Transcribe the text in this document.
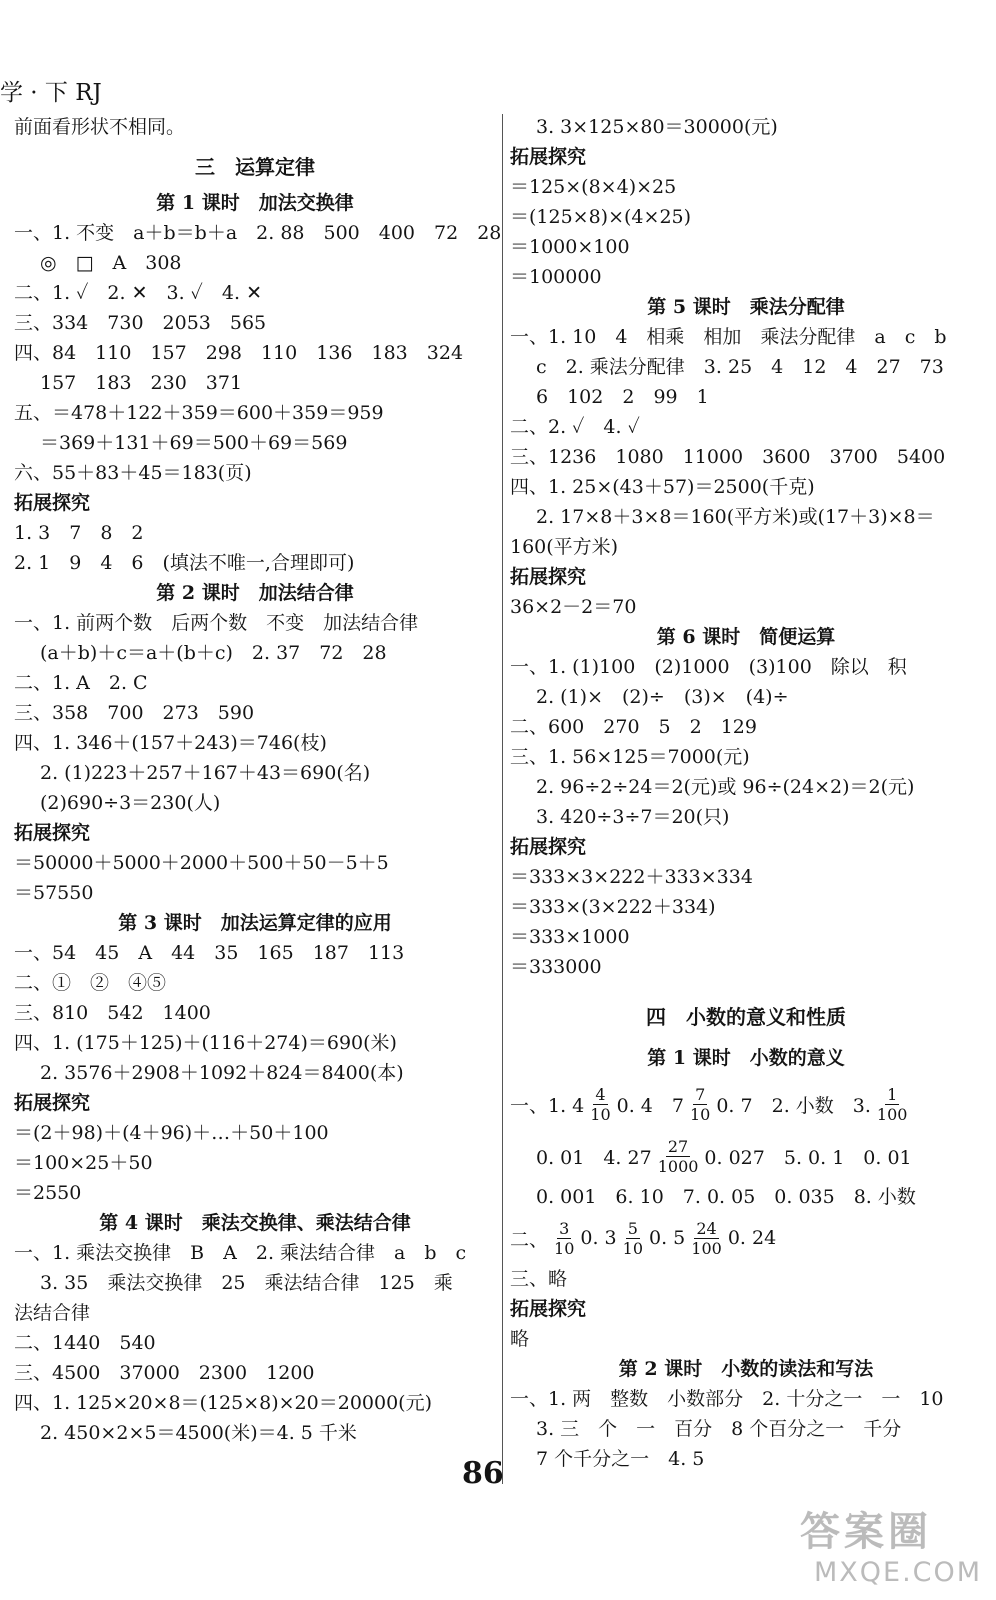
学 · 下 RJ
前面看形状不相同。
三　运算定律
第 1 课时　加法交换律
一、1. 不变　a＋b＝b＋a　2. 88　500　400　72　28
◎　□　A　308
二、1. ✓　2. ✕　3. ✓　4. ✕
三、334　730　2053　565
四、84　110　157　298　110　136　183　324
157　183　230　371
五、＝478＋122＋359＝600＋359＝959
＝369＋131＋69＝500＋69＝569
六、55＋83＋45＝183(页)
拓展探究
1. 3　7　8　2
2. 1　9　4　6　(填法不唯一,合理即可)
第 2 课时　加法结合律
一、1. 前两个数　后两个数　不变　加法结合律
(a＋b)＋c＝a＋(b＋c)　2. 37　72　28
二、1. A　2. C
三、358　700　273　590
四、1. 346＋(157＋243)＝746(枝)
2. (1)223＋257＋167＋43＝690(名)
(2)690÷3＝230(人)
拓展探究
＝50000＋5000＋2000＋500＋50－5＋5
＝57550
第 3 课时　加法运算定律的应用
一、54　45　A　44　35　165　187　113
二、①　②　④⑤
三、810　542　1400
四、1. (175＋125)＋(116＋274)＝690(米)
2. 3576＋2908＋1092＋824＝8400(本)
拓展探究
＝(2＋98)＋(4＋96)＋…＋50＋100
＝100×25＋50
＝2550
第 4 课时　乘法交换律、乘法结合律
一、1. 乘法交换律　B　A　2. 乘法结合律　a　b　c
3. 35　乘法交换律　25　乘法结合律　125　乘
法结合律
二、1440　540
三、4500　37000　2300　1200
四、1. 125×20×8＝(125×8)×20＝20000(元)
2. 450×2×5＝4500(米)＝4. 5 千米
3. 3×125×80＝30000(元)
拓展探究
＝125×(8×4)×25
＝(125×8)×(4×25)
＝1000×100
＝100000
第 5 课时　乘法分配律
一、1. 10　4　相乘　相加　乘法分配律　a　c　b
c　2. 乘法分配律　3. 25　4　12　4　27　73
6　102　2　99　1
二、2. ✓　4. ✓
三、1236　1080　11000　3600　3700　5400
四、1. 25×(43＋57)＝2500(千克)
2. 17×8＋3×8＝160(平方米)或(17＋3)×8＝
160(平方米)
拓展探究
36×2－2＝70
第 6 课时　简便运算
一、1. (1)100　(2)1000　(3)100　除以　积
2. (1)×　(2)÷　(3)×　(4)÷
二、600　270　5　2　129
三、1. 56×125＝7000(元)
2. 96÷2÷24＝2(元)或 96÷(24×2)＝2(元)
3. 420÷3÷7＝20(只)
拓展探究
＝333×3×222＋333×334
＝333×(3×222＋334)
＝333×1000
＝333000
四　小数的意义和性质
第 1 课时　小数的意义
一、1. $4 \frac{4}{10} 0$. 4　$7 \frac{7}{10} 0$. 7　2. 小数　3. $\frac{1}{100}$
0. 01　4. $27 \frac{27}{1000} 0$. 027　5. 0. 1　0. 01
0. 001　6. 10　7. 0. 05　0. 035　8. 小数
二、 $\frac{3}{10} 0$. $3 \frac{5}{10} 0$. $5 \frac{24}{100} 0$. 24
三、略
拓展探究
略
第 2 课时　小数的读法和写法
一、1. 两　整数　小数部分　2. 十分之一　一　10
3. 三　个　一　百分　8 个百分之一　千分
7 个千分之一　4. 5
86
答案圈
MXQE.COM
